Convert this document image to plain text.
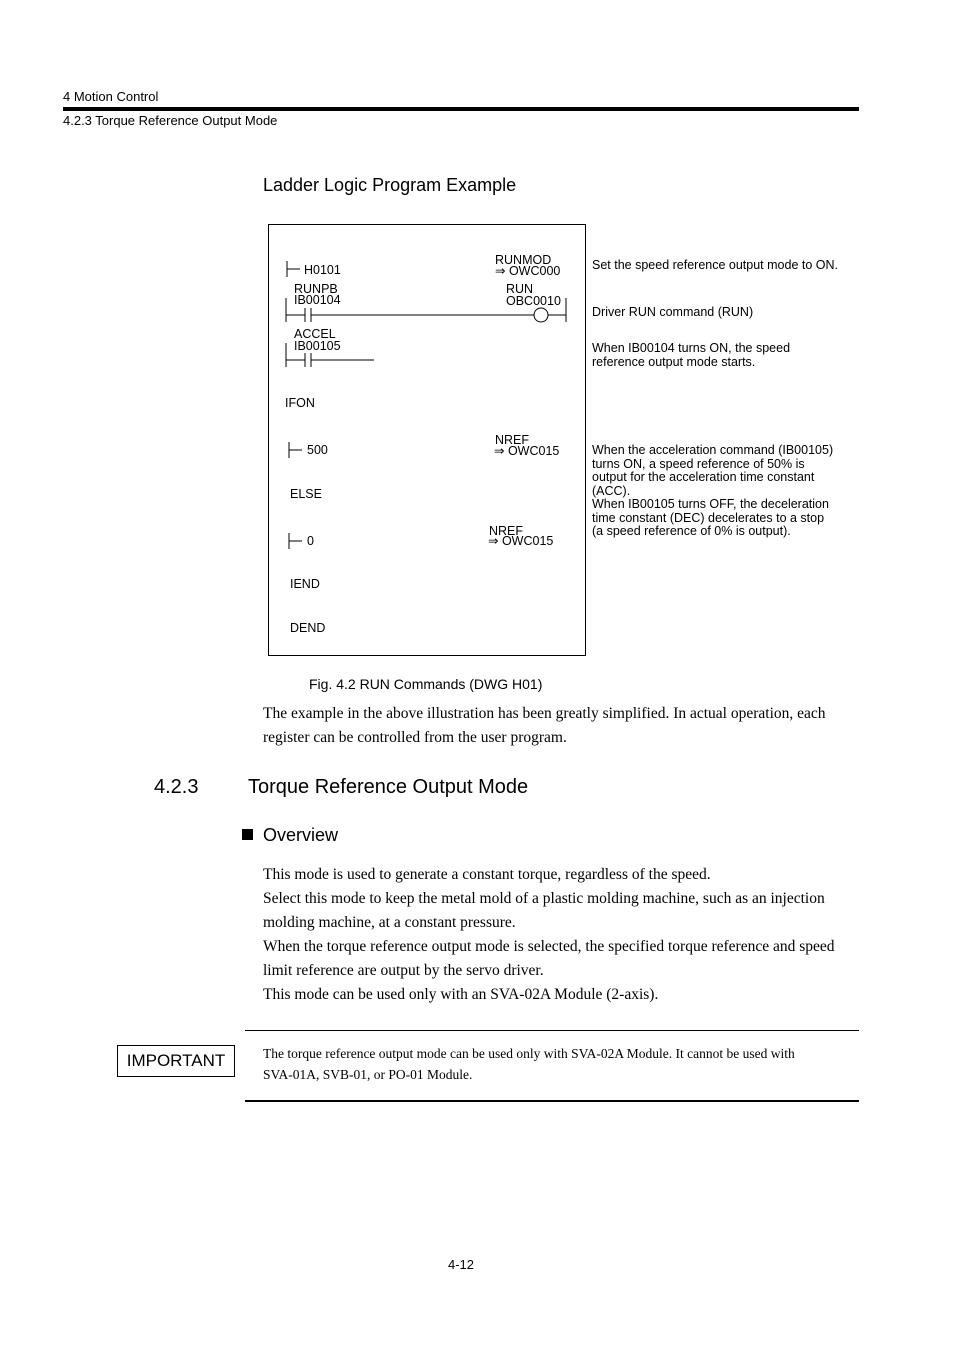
4 Motion Control
4.2.3 Torque Reference Output Mode
Ladder Logic Program Example
H0101
RUNMOD
⇒ OWC000
RUNPB
IB00104
RUN
OBC0010
ACCEL
IB00105
IFON
500
NREF
⇒ OWC015
ELSE
0
NREF
⇒ OWC015
IEND
DEND
Set the speed reference output mode to ON.
Driver RUN command (RUN)
When IB00104 turns ON, the speed
reference output mode starts.
When the acceleration command (IB00105)
turns ON, a speed reference of 50% is
output for the acceleration time constant
(ACC).
When IB00105 turns OFF, the deceleration
time constant (DEC) decelerates to a stop
(a speed reference of 0% is output).
Fig. 4.2 RUN Commands (DWG H01)
The example in the above illustration has been greatly simplified. In actual operation, each
register can be controlled from the user program.
4.2.3 Torque Reference Output Mode
Overview
This mode is used to generate a constant torque, regardless of the speed.
Select this mode to keep the metal mold of a plastic molding machine, such as an injection
molding machine, at a constant pressure.
When the torque reference output mode is selected, the specified torque reference and speed
limit reference are output by the servo driver.
This mode can be used only with an SVA-02A Module (2-axis).
IMPORTANT	The torque reference output mode can be used only with SVA-02A Module. It cannot be used with
SVA-01A, SVB-01, or PO-01 Module.
4-12
